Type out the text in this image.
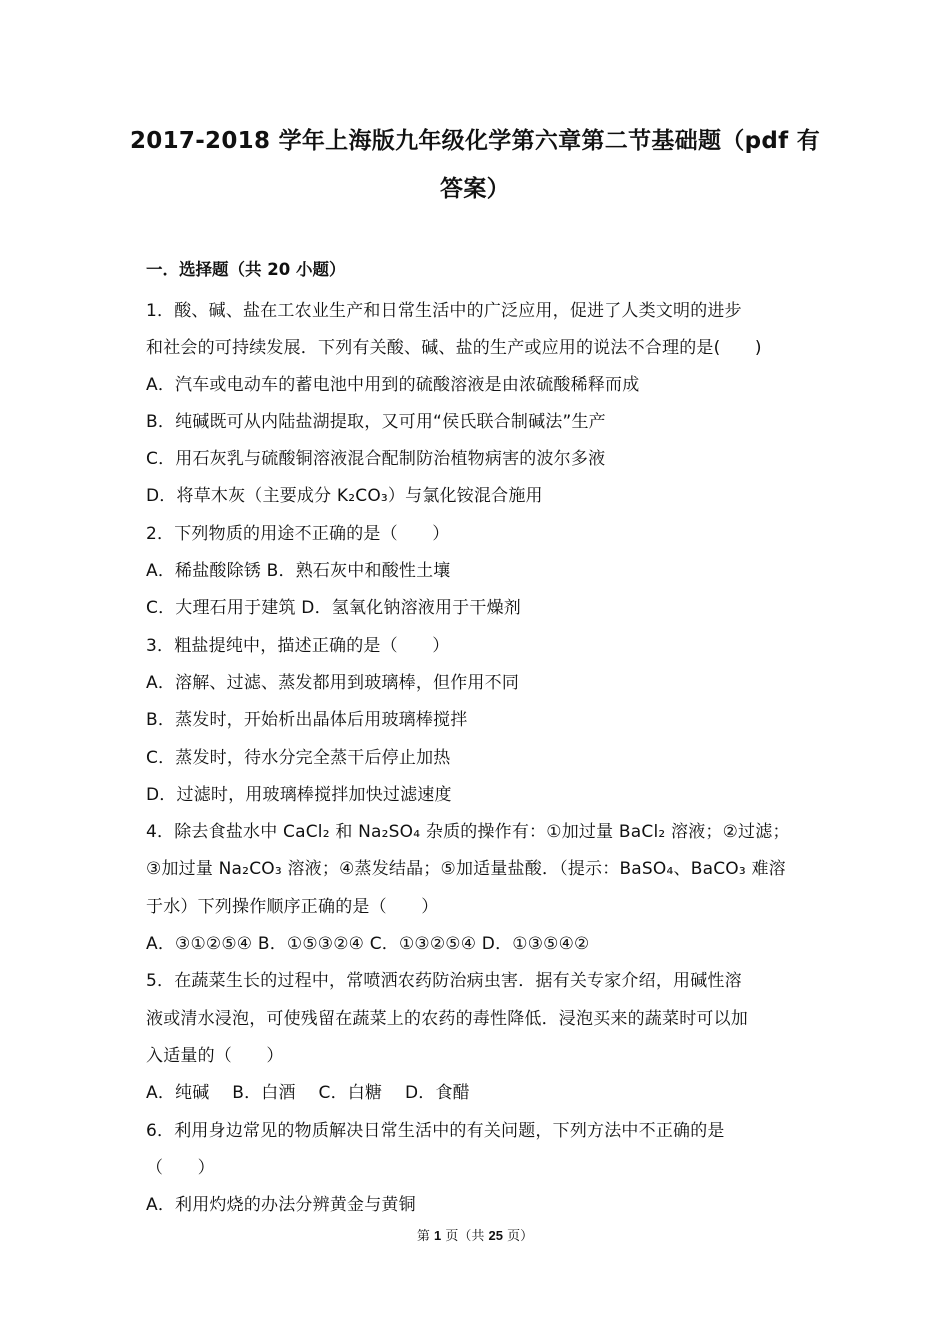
2017-2018 学年上海版九年级化学第六章第二节基础题（pdf 有
答案）
一．选择题（共 20 小题）
1．酸、碱、盐在工农业生产和日常生活中的广泛应用，促进了人类文明的进步
和社会的可持续发展．下列有关酸、碱、盐的生产或应用的说法不合理的是(　　)
A．汽车或电动车的蓄电池中用到的硫酸溶液是由浓硫酸稀释而成
B．纯碱既可从内陆盐湖提取，又可用“侯氏联合制碱法”生产
C．用石灰乳与硫酸铜溶液混合配制防治植物病害的波尔多液
D．将草木灰（主要成分 K₂CO₃）与氯化铵混合施用
2．下列物质的用途不正确的是（　　）
A．稀盐酸除锈 B．熟石灰中和酸性土壤
C．大理石用于建筑 D．氢氧化钠溶液用于干燥剂
3．粗盐提纯中，描述正确的是（　　）
A．溶解、过滤、蒸发都用到玻璃棒，但作用不同
B．蒸发时，开始析出晶体后用玻璃棒搅拌
C．蒸发时，待水分完全蒸干后停止加热
D．过滤时，用玻璃棒搅拌加快过滤速度
4．除去食盐水中 CaCl₂ 和 Na₂SO₄ 杂质的操作有：①加过量 BaCl₂ 溶液；②过滤；
③加过量 Na₂CO₃ 溶液；④蒸发结晶；⑤加适量盐酸．（提示：BaSO₄、BaCO₃ 难溶
于水）下列操作顺序正确的是（　　）
A．③①②⑤④ B．①⑤③②④ C．①③②⑤④ D．①③⑤④②
5．在蔬菜生长的过程中，常喷洒农药防治病虫害．据有关专家介绍，用碱性溶
液或清水浸泡，可使残留在蔬菜上的农药的毒性降低．浸泡买来的蔬菜时可以加
入适量的（　　）
A．纯碱　 B．白酒　 C．白糖　 D．食醋
6．利用身边常见的物质解决日常生活中的有关问题，下列方法中不正确的是
（　　）
A．利用灼烧的办法分辨黄金与黄铜
第 1 页（共 25 页）
